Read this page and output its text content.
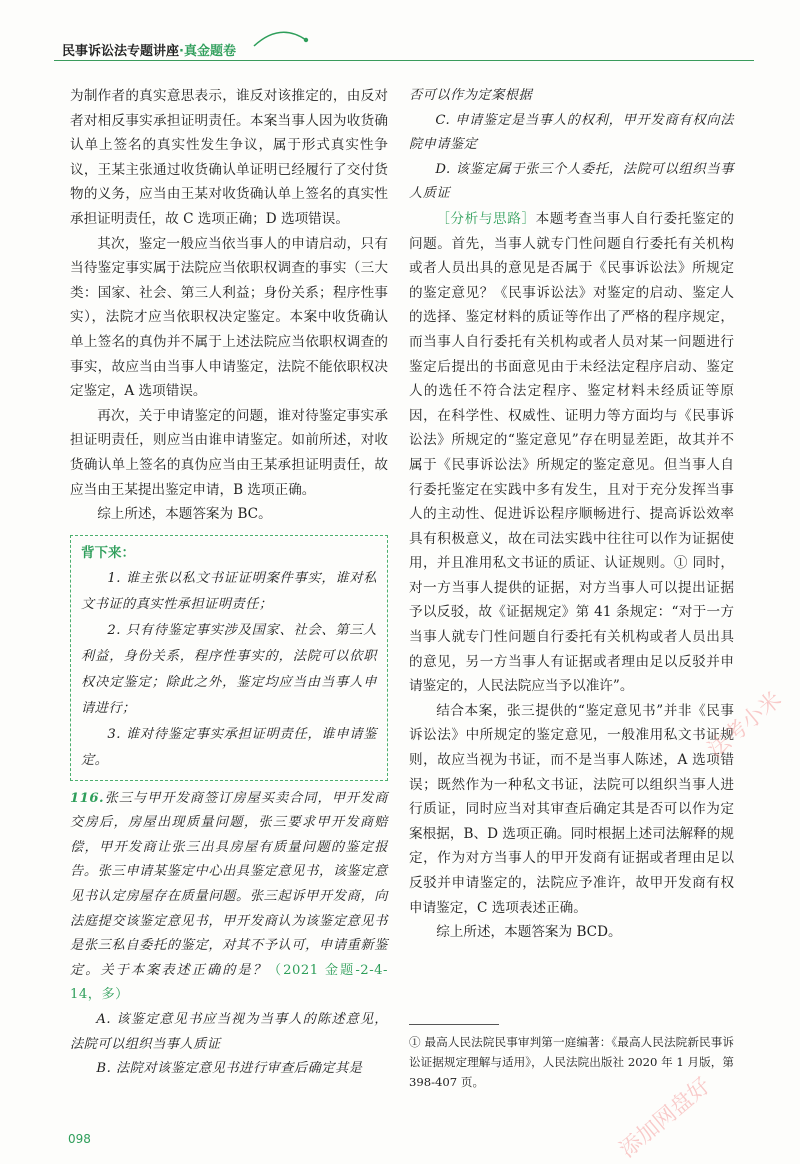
民事诉讼法专题讲座·真金题卷

为制作者的真实意思表示，谁反对该推定的，由反对者对相反事实承担证明责任。本案当事人因为收货确认单上签名的真实性发生争议，属于形式真实性争议，王某主张通过收货确认单证明已经履行了交付货物的义务，应当由王某对收货确认单上签名的真实性承担证明责任，故 C 选项正确；D 选项错误。

其次，鉴定一般应当依当事人的申请启动，只有当待鉴定事实属于法院应当依职权调查的事实（三大类：国家、社会、第三人利益；身份关系；程序性事实），法院才应当依职权决定鉴定。本案中收货确认单上签名的真伪并不属于上述法院应当依职权调查的事实，故应当由当事人申请鉴定，法院不能依职权决定鉴定，A 选项错误。

再次，关于申请鉴定的问题，谁对待鉴定事实承担证明责任，则应当由谁申请鉴定。如前所述，对收货确认单上签名的真伪应当由王某承担证明责任，故应当由王某提出鉴定申请，B 选项正确。

综上所述，本题答案为 BC。

背下来：

1. 谁主张以私文书证证明案件事实，谁对私文书证的真实性承担证明责任；

2. 只有待鉴定事实涉及国家、社会、第三人利益，身份关系，程序性事实的，法院可以依职权决定鉴定；除此之外，鉴定均应当由当事人申请进行；

3. 谁对待鉴定事实承担证明责任，谁申请鉴定。

116.张三与甲开发商签订房屋买卖合同，甲开发商交房后，房屋出现质量问题，张三要求甲开发商赔偿，甲开发商让张三出具房屋有质量问题的鉴定报告。张三申请某鉴定中心出具鉴定意见书，该鉴定意见书认定房屋存在质量问题。张三起诉甲开发商，向法庭提交该鉴定意见书，甲开发商认为该鉴定意见书是张三私自委托的鉴定，对其不予认可，申请重新鉴定。关于本案表述正确的是？（2021 金题-2-4-14，多）

A. 该鉴定意见书应当视为当事人的陈述意见，法院可以组织当事人质证

B. 法院对该鉴定意见书进行审查后确定其是

否可以作为定案根据

C. 申请鉴定是当事人的权利，甲开发商有权向法院申请鉴定

D. 该鉴定属于张三个人委托，法院可以组织当事人质证

［分析与思路］本题考查当事人自行委托鉴定的问题。首先，当事人就专门性问题自行委托有关机构或者人员出具的意见是否属于《民事诉讼法》所规定的鉴定意见？《民事诉讼法》对鉴定的启动、鉴定人的选择、鉴定材料的质证等作出了严格的程序规定，而当事人自行委托有关机构或者人员对某一问题进行鉴定后提出的书面意见由于未经法定程序启动、鉴定人的选任不符合法定程序、鉴定材料未经质证等原因，在科学性、权威性、证明力等方面均与《民事诉讼法》所规定的“鉴定意见”存在明显差距，故其并不属于《民事诉讼法》所规定的鉴定意见。但当事人自行委托鉴定在实践中多有发生，且对于充分发挥当事人的主动性、促进诉讼程序顺畅进行、提高诉讼效率具有积极意义，故在司法实践中往往可以作为证据使用，并且准用私文书证的质证、认证规则。① 同时，对一方当事人提供的证据，对方当事人可以提出证据予以反驳，故《证据规定》第 41 条规定：“对于一方当事人就专门性问题自行委托有关机构或者人员出具的意见，另一方当事人有证据或者理由足以反驳并申请鉴定的，人民法院应当予以准许”。

结合本案，张三提供的“鉴定意见书”并非《民事诉讼法》中所规定的鉴定意见，一般准用私文书证规则，故应当视为书证，而不是当事人陈述，A 选项错误；既然作为一种私文书证，法院可以组织当事人进行质证，同时应当对其审查后确定其是否可以作为定案根据，B、D 选项正确。同时根据上述司法解释的规定，作为对方当事人的甲开发商有证据或者理由足以反驳并申请鉴定的，法院应予准许，故甲开发商有权申请鉴定，C 选项表述正确。

综上所述，本题答案为 BCD。

① 最高人民法院民事审判第一庭编著：《最高人民法院新民事诉讼证据规定理解与适用》，人民法院出版社 2020 年 1 月版，第 398-407 页。
098
法考小米
添加网盘好
